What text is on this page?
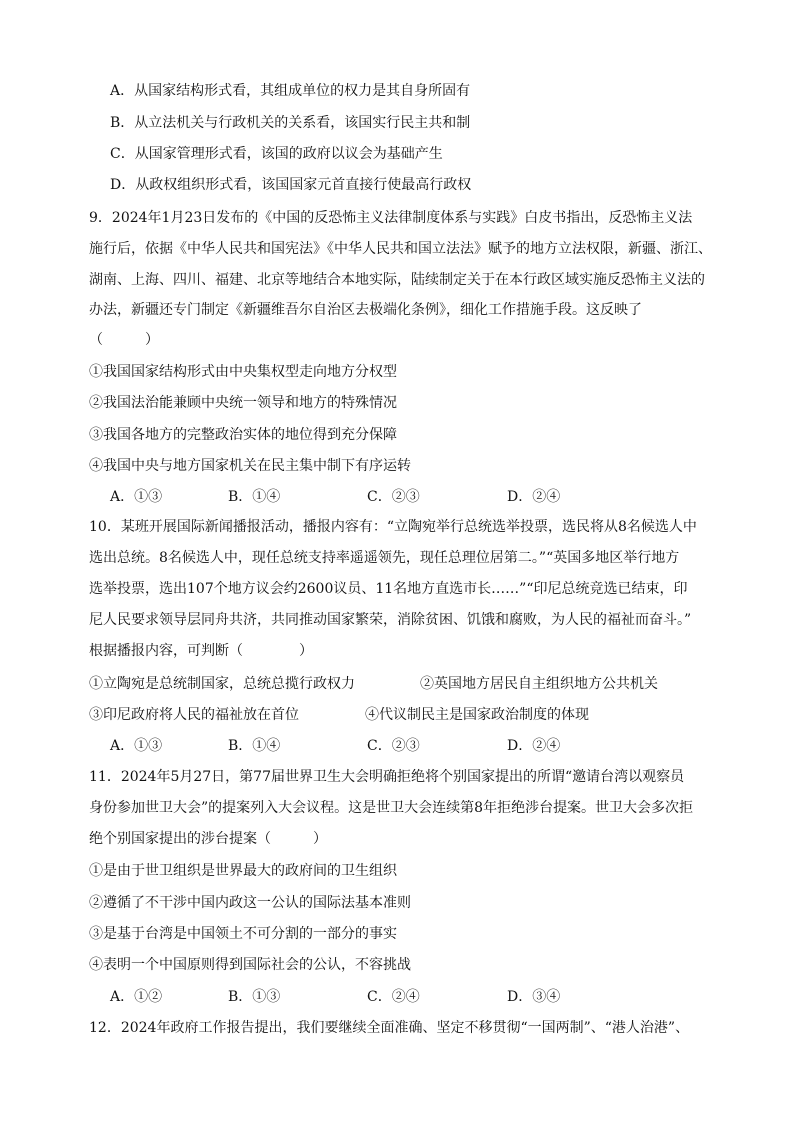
A．从国家结构形式看，其组成单位的权力是其自身所固有
B．从立法机关与行政机关的关系看，该国实行民主共和制
C．从国家管理形式看，该国的政府以议会为基础产生
D．从政权组织形式看，该国国家元首直接行使最高行政权
9．2024年1月23日发布的《中国的反恐怖主义法律制度体系与实践》白皮书指出，反恐怖主义法
施行后，依据《中华人民共和国宪法》《中华人民共和国立法法》赋予的地方立法权限，新疆、浙江、
湖南、上海、四川、福建、北京等地结合本地实际，陆续制定关于在本行政区域实施反恐怖主义法的
办法，新疆还专门制定《新疆维吾尔自治区去极端化条例》，细化工作措施手段。这反映了
（　　　）
①我国国家结构形式由中央集权型走向地方分权型
②我国法治能兼顾中央统一领导和地方的特殊情况
③我国各地方的完整政治实体的地位得到充分保障
④我国中央与地方国家机关在民主集中制下有序运转
A．①③	B．①④	C．②③	D．②④
10．某班开展国际新闻播报活动，播报内容有：“立陶宛举行总统选举投票，选民将从8名候选人中
选出总统。8名候选人中，现任总统支持率遥遥领先，现任总理位居第二。”“英国多地区举行地方
选举投票，选出107个地方议会约2600议员、11名地方直选市长……”“印尼总统竞选已结束，印
尼人民要求领导层同舟共济，共同推动国家繁荣，消除贫困、饥饿和腐败，为人民的福祉而奋斗。”
根据播报内容，可判断（　　　　）
①立陶宛是总统制国家，总统总揽行政权力	②英国地方居民自主组织地方公共机关
③印尼政府将人民的福祉放在首位	④代议制民主是国家政治制度的体现
A．①③	B．①④	C．②③	D．②④
11．2024年5月27日，第77届世界卫生大会明确拒绝将个别国家提出的所谓“邀请台湾以观察员
身份参加世卫大会”的提案列入大会议程。这是世卫大会连续第8年拒绝涉台提案。世卫大会多次拒
绝个别国家提出的涉台提案（　　　）
①是由于世卫组织是世界最大的政府间的卫生组织
②遵循了不干涉中国内政这一公认的国际法基本准则
③是基于台湾是中国领土不可分割的一部分的事实
④表明一个中国原则得到国际社会的公认，不容挑战
A．①②	B．①③	C．②④	D．③④
12．2024年政府工作报告提出，我们要继续全面准确、坚定不移贯彻“一国两制”、“港人治港”、
